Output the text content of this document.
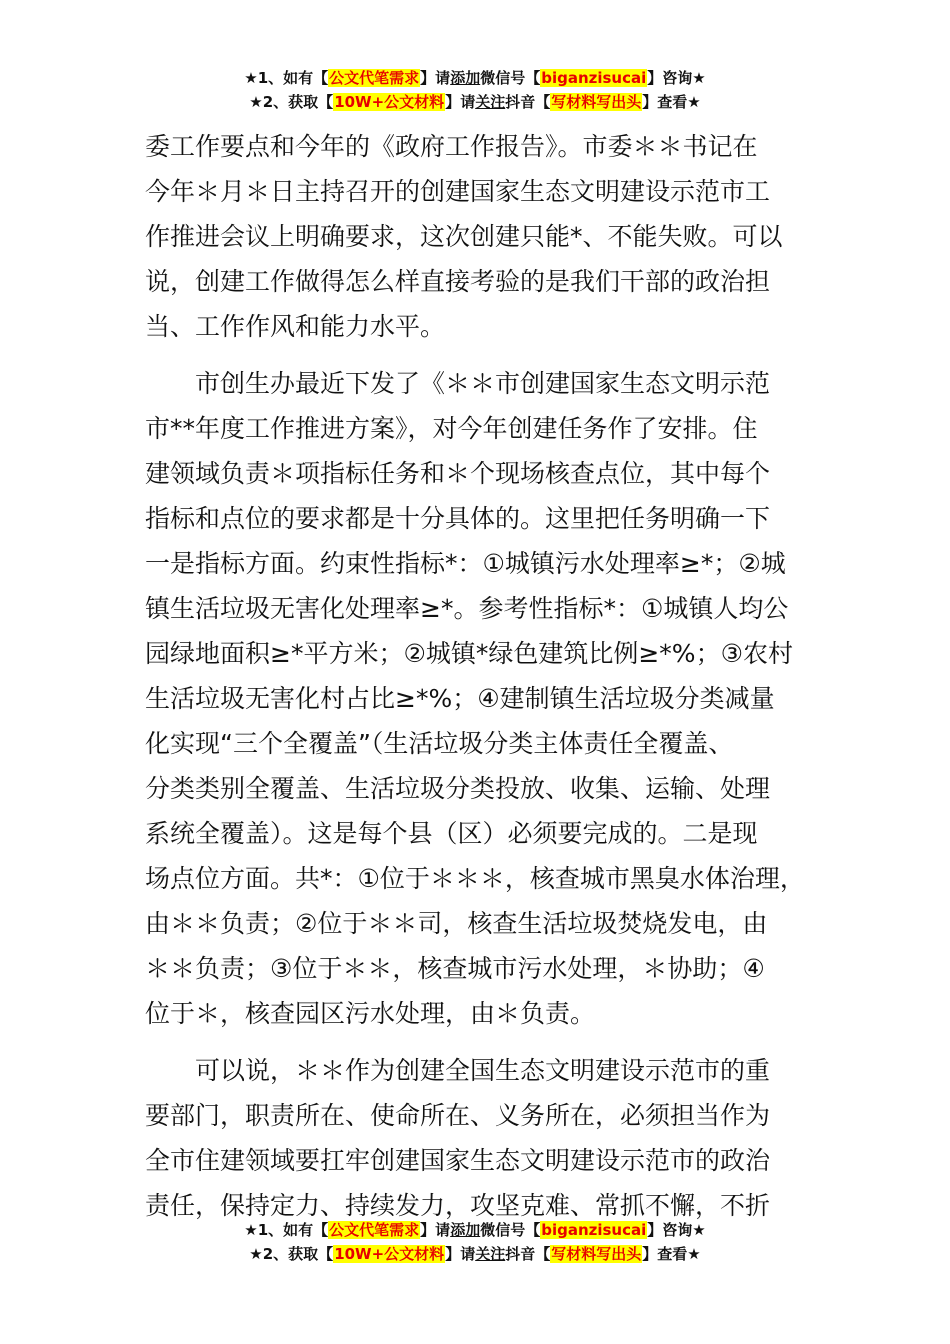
★1、如有【公文代笔需求】请添加微信号【biganzisucai】咨询★
★2、获取【10W+公文材料】请关注抖音【写材料写出头】查看★
委工作要点和今年的《政府工作报告》。市委＊＊书记在
今年＊月＊日主持召开的创建国家生态文明建设示范市工
作推进会议上明确要求，这次创建只能*、不能失败。可以
说，创建工作做得怎么样直接考验的是我们干部的政治担
当、工作作风和能力水平。
　　市创生办最近下发了《＊＊市创建国家生态文明示范
市**年度工作推进方案》，对今年创建任务作了安排。住
建领域负责＊项指标任务和＊个现场核查点位，其中每个
指标和点位的要求都是十分具体的。这里把任务明确一下
一是指标方面。约束性指标*：①城镇污水处理率≥*；②城
镇生活垃圾无害化处理率≥*。参考性指标*：①城镇人均公
园绿地面积≥*平方米；②城镇*绿色建筑比例≥*%；③农村
生活垃圾无害化村占比≥*%；④建制镇生活垃圾分类减量
化实现“三个全覆盖”（生活垃圾分类主体责任全覆盖、
分类类别全覆盖、生活垃圾分类投放、收集、运输、处理
系统全覆盖）。这是每个县（区）必须要完成的。二是现
场点位方面。共*：①位于＊＊＊，核查城市黑臭水体治理，
由＊＊负责；②位于＊＊司，核查生活垃圾焚烧发电，由
＊＊负责；③位于＊＊，核查城市污水处理，＊协助；④
位于＊，核查园区污水处理，由＊负责。
　　可以说，＊＊作为创建全国生态文明建设示范市的重
要部门，职责所在、使命所在、义务所在，必须担当作为
全市住建领域要扛牢创建国家生态文明建设示范市的政治
责任，保持定力、持续发力，攻坚克难、常抓不懈，不折
★1、如有【公文代笔需求】请添加微信号【biganzisucai】咨询★
★2、获取【10W+公文材料】请关注抖音【写材料写出头】查看★
